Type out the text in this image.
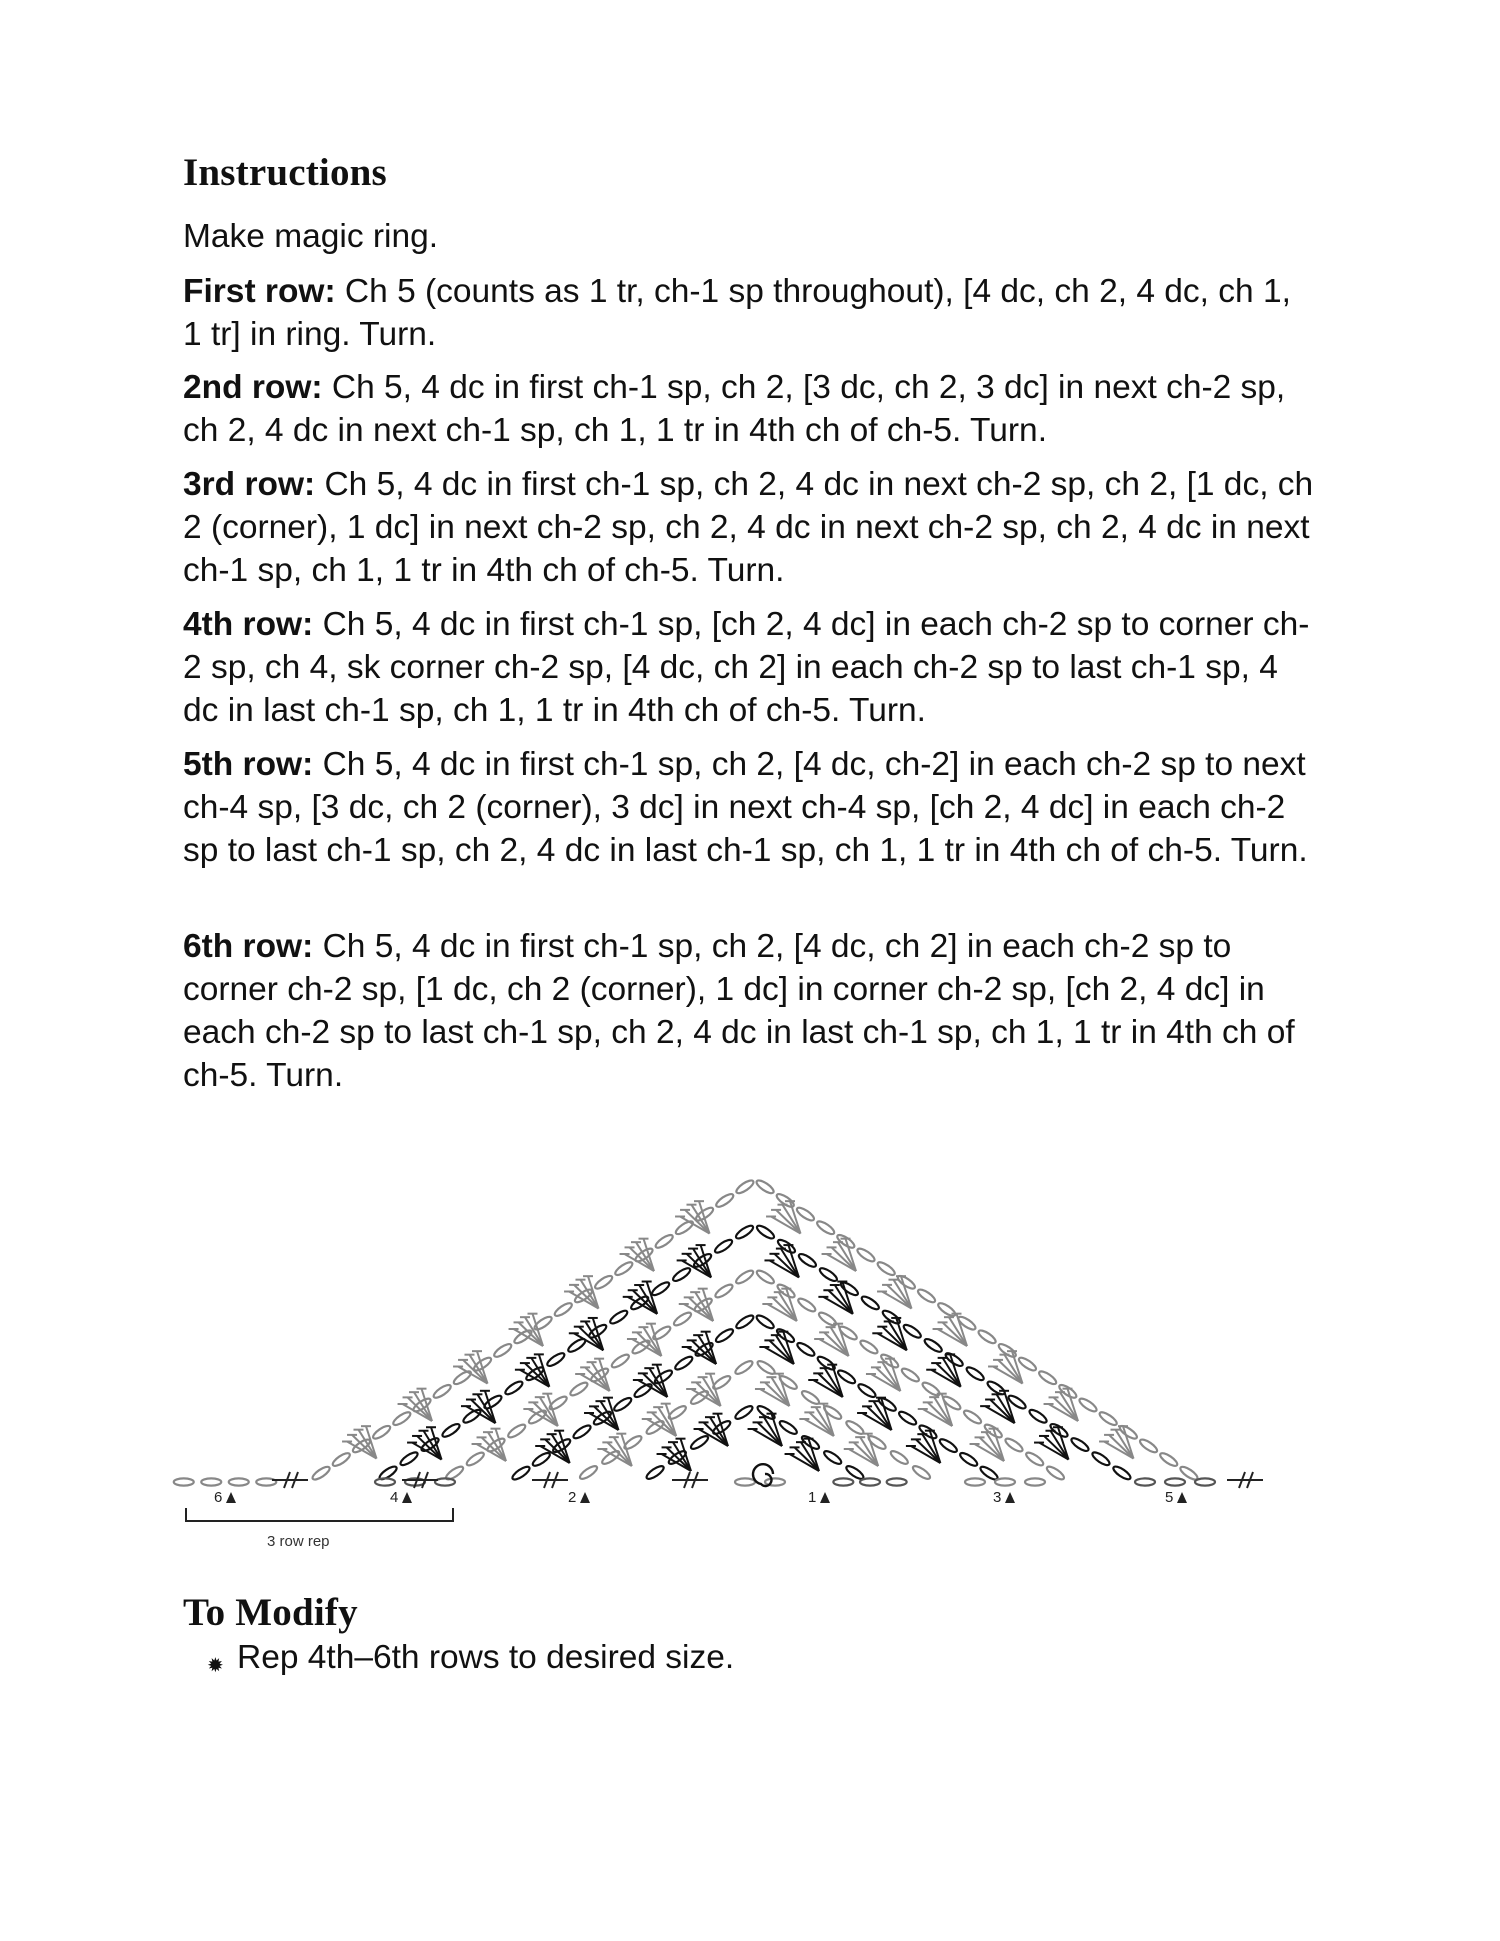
Instructions

Make magic ring.

First row: Ch 5 (counts as 1 tr, ch-1 sp throughout), [4 dc, ch 2, 4 dc, ch 1, 1 tr] in ring. Turn.

2nd row: Ch 5, 4 dc in first ch-1 sp, ch 2, [3 dc, ch 2, 3 dc] in next ch-2 sp, ch 2, 4 dc in next ch-1 sp, ch 1, 1 tr in 4th ch of ch-5. Turn.

3rd row: Ch 5, 4 dc in first ch-1 sp, ch 2, 4 dc in next ch-2 sp, ch 2, [1 dc, ch 2 (corner), 1 dc] in next ch-2 sp, ch 2, 4 dc in next ch-2 sp, ch 2, 4 dc in next ch-1 sp, ch 1, 1 tr in 4th ch of ch-5. Turn.

4th row: Ch 5, 4 dc in first ch-1 sp, [ch 2, 4 dc] in each ch-2 sp to corner ch-2 sp, ch 4, sk corner ch-2 sp, [4 dc, ch 2] in each ch-2 sp to last ch-1 sp, 4 dc in last ch-1 sp, ch 1, 1 tr in 4th ch of ch-5. Turn.

5th row: Ch 5, 4 dc in first ch-1 sp, ch 2, [4 dc, ch-2] in each ch-2 sp to next ch-4 sp, [3 dc, ch 2 (corner), 3 dc] in next ch-4 sp, [ch 2, 4 dc] in each ch-2 sp to last ch-1 sp, ch 2, 4 dc in last ch-1 sp, ch 1, 1 tr in 4th ch of ch-5. Turn.

6th row: Ch 5, 4 dc in first ch-1 sp, ch 2, [4 dc, ch 2] in each ch-2 sp to corner ch-2 sp, [1 dc, ch 2 (corner), 1 dc] in corner ch-2 sp, [ch 2, 4 dc] in each ch-2 sp to last ch-1 sp, ch 2, 4 dc in last ch-1 sp, ch 1, 1 tr in 4th ch of ch-5. Turn.

6	4	2	1	3	5
3 row rep
To Modify
✹ Rep 4th–6th rows to desired size.
